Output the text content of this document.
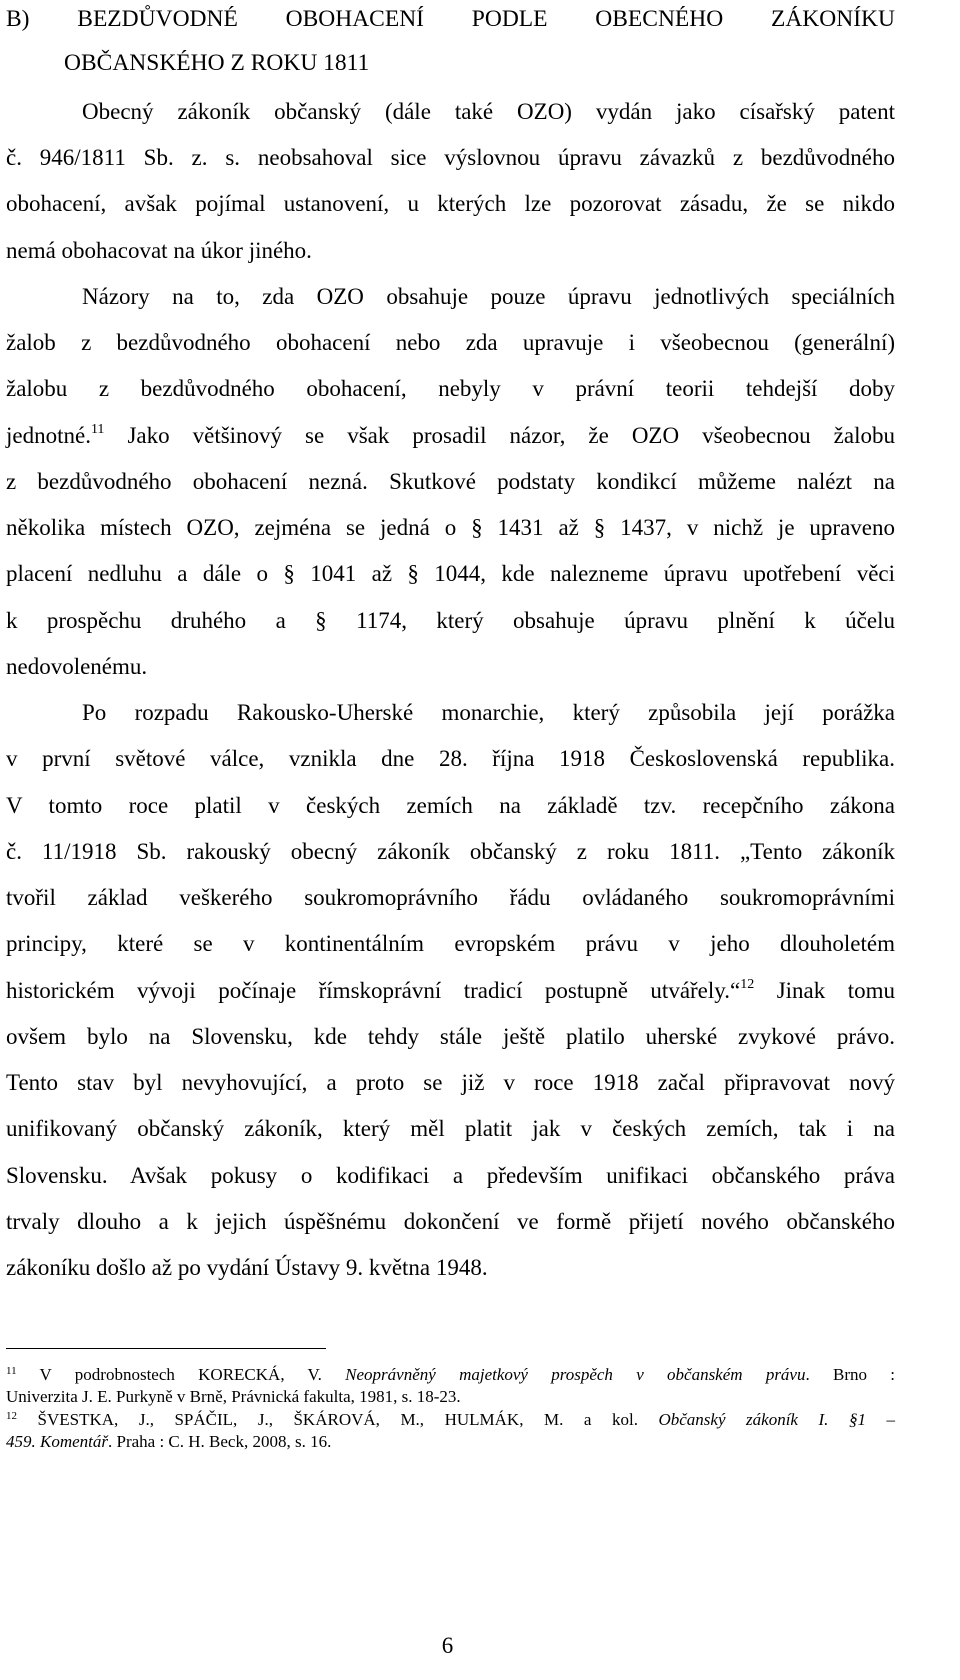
B) BEZDŮVODNÉ OBOHACENÍ PODLE OBECNÉHO ZÁKONÍKU
OBČANSKÉHO Z ROKU 1811
Obecný zákoník občanský (dále také OZO) vydán jako císařský patent
č. 946/1811 Sb. z. s. neobsahoval sice výslovnou úpravu závazků z bezdůvodného
obohacení, avšak pojímal ustanovení, u kterých lze pozorovat zásadu, že se nikdo
nemá obohacovat na úkor jiného.
Názory na to, zda OZO obsahuje pouze úpravu jednotlivých speciálních
žalob z bezdůvodného obohacení nebo zda upravuje i všeobecnou (generální)
žalobu z bezdůvodného obohacení, nebyly v právní teorii tehdejší doby
jednotné.$^{11}$ Jako většinový se však prosadil názor, že OZO všeobecnou žalobu
z bezdůvodného obohacení nezná. Skutkové podstaty kondikcí můžeme nalézt na
několika místech OZO, zejména se jedná o § 1431 až § 1437, v nichž je upraveno
placení nedluhu a dále o § 1041 až § 1044, kde nalezneme úpravu upotřebení věci
k prospěchu druhého a § 1174, který obsahuje úpravu plnění k účelu
nedovolenému.
Po rozpadu Rakousko-Uherské monarchie, který způsobila její porážka
v první světové válce, vznikla dne 28. října 1918 Československá republika.
V tomto roce platil v českých zemích na základě tzv. recepčního zákona
č. 11/1918 Sb. rakouský obecný zákoník občanský z roku 1811. „Tento zákoník
tvořil základ veškerého soukromoprávního řádu ovládaného soukromoprávními
principy, které se v kontinentálním evropském právu v jeho dlouholetém
historickém vývoji počínaje římskoprávní tradicí postupně utvářely.“$^{12}$ Jinak tomu
ovšem bylo na Slovensku, kde tehdy stále ještě platilo uherské zvykové právo.
Tento stav byl nevyhovující, a proto se již v roce 1918 začal připravovat nový
unifikovaný občanský zákoník, který měl platit jak v českých zemích, tak i na
Slovensku. Avšak pokusy o kodifikaci a především unifikaci občanského práva
trvaly dlouho a k jejich úspěšnému dokončení ve formě přijetí nového občanského
zákoníku došlo až po vydání Ústavy 9. května 1948.
$^{11}$ V podrobnostech KORECKÁ, V. Neoprávněný majetkový prospěch v občanském právu. Brno :
Univerzita J. E. Purkyně v Brně, Právnická fakulta, 1981, s. 18-23.
$^{12}$ ŠVESTKA, J., SPÁČIL, J., ŠKÁROVÁ, M., HULMÁK, M. a kol. Občanský zákoník I. §1 –
459. Komentář. Praha : C. H. Beck, 2008, s. 16.
6
